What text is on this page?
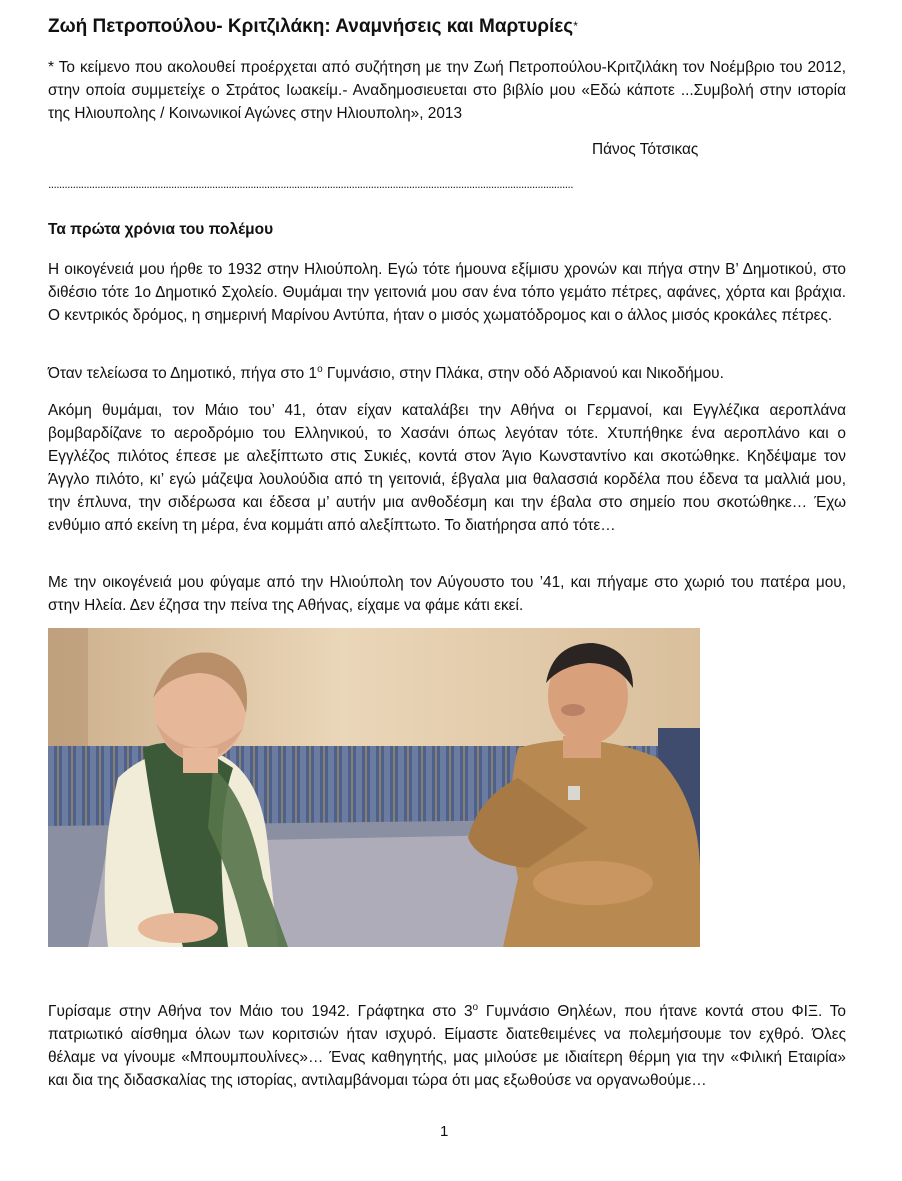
Ζωή Πετροπούλου- Κριτζιλάκη: Αναμνήσεις και Μαρτυρίες*
* Το κείμενο που ακολουθεί προέρχεται από συζήτηση με την Ζωή Πετροπούλου-Κριτζιλάκη τον Νοέμβριο του 2012, στην οποία συμμετείχε ο Στράτος Ιωακείμ.- Αναδημοσιευεται στο βιβλίο μου «Εδώ κάποτε ...Συμβολή στην ιστορία της Ηλιουπολης / Κοινωνικοί Αγώνες στην Ηλιουπολη», 2013
Πάνος Τότσικας
................................................................................................................................................................................................
Τα πρώτα χρόνια του πολέμου
Η οικογένειά μου ήρθε το 1932 στην Ηλιούπολη. Εγώ τότε ήμουνα εξίμισυ χρονών και πήγα στην Β’ Δημοτικού, στο διθέσιο τότε 1ο Δημοτικό Σχολείο. Θυμάμαι την γειτονιά μου σαν ένα τόπο γεμάτο πέτρες, αφάνες, χόρτα και βράχια. Ο κεντρικός δρόμος, η σημερινή Μαρίνου Αντύπα, ήταν ο μισός χωματόδρομος και ο άλλος μισός κροκάλες πέτρες.
Όταν τελείωσα το Δημοτικό, πήγα στο $1^o$ Γυμνάσιο, στην Πλάκα, στην οδό Αδριανού και Νικοδήμου.
Ακόμη θυμάμαι, τον Μάιο του’ 41, όταν είχαν καταλάβει την Αθήνα οι Γερμανοί, και Εγγλέζικα αεροπλάνα βομβαρδίζανε το αεροδρόμιο του Ελληνικού, το Χασάνι όπως λεγόταν τότε. Χτυπήθηκε ένα αεροπλάνο και ο Εγγλέζος πιλότος έπεσε με αλεξίπτωτο στις Συκιές, κοντά στον Άγιο Κωνσταντίνο και σκοτώθηκε. Κηδέψαμε τον Άγγλο πιλότο, κι’ εγώ μάζεψα λουλούδια από τη γειτονιά, έβγαλα μια θαλασσιά κορδέλα που έδενα τα μαλλιά μου, την έπλυνα, την σιδέρωσα και έδεσα μ’ αυτήν μια ανθοδέσμη και την έβαλα στο σημείο που σκοτώθηκε… Έχω ενθύμιο από εκείνη τη μέρα, ένα κομμάτι από αλεξίπτωτο. Το διατήρησα από τότε…
Με την οικογένειά μου φύγαμε από την Ηλιούπολη τον Αύγουστο του ’41, και πήγαμε στο χωριό του πατέρα μου, στην Ηλεία. Δεν έζησα την πείνα της Αθήνας, είχαμε να φάμε κάτι εκεί.
Γυρίσαμε στην Αθήνα τον Μάιο του 1942. Γράφτηκα στο $3^o$ Γυμνάσιο Θηλέων, που ήτανε κοντά στου ΦΙΞ. Το πατριωτικό αίσθημα όλων των κοριτσιών ήταν ισχυρό. Είμαστε διατεθειμένες να πολεμήσουμε τον εχθρό. Όλες θέλαμε να γίνουμε «Μπουμπουλίνες»… Ένας καθηγητής, μας μιλούσε με ιδιαίτερη θέρμη για την «Φιλική Εταιρία» και δια της διδασκαλίας της ιστορίας, αντιλαμβάνομαι τώρα ότι μας εξωθούσε να οργανωθούμε…
1
